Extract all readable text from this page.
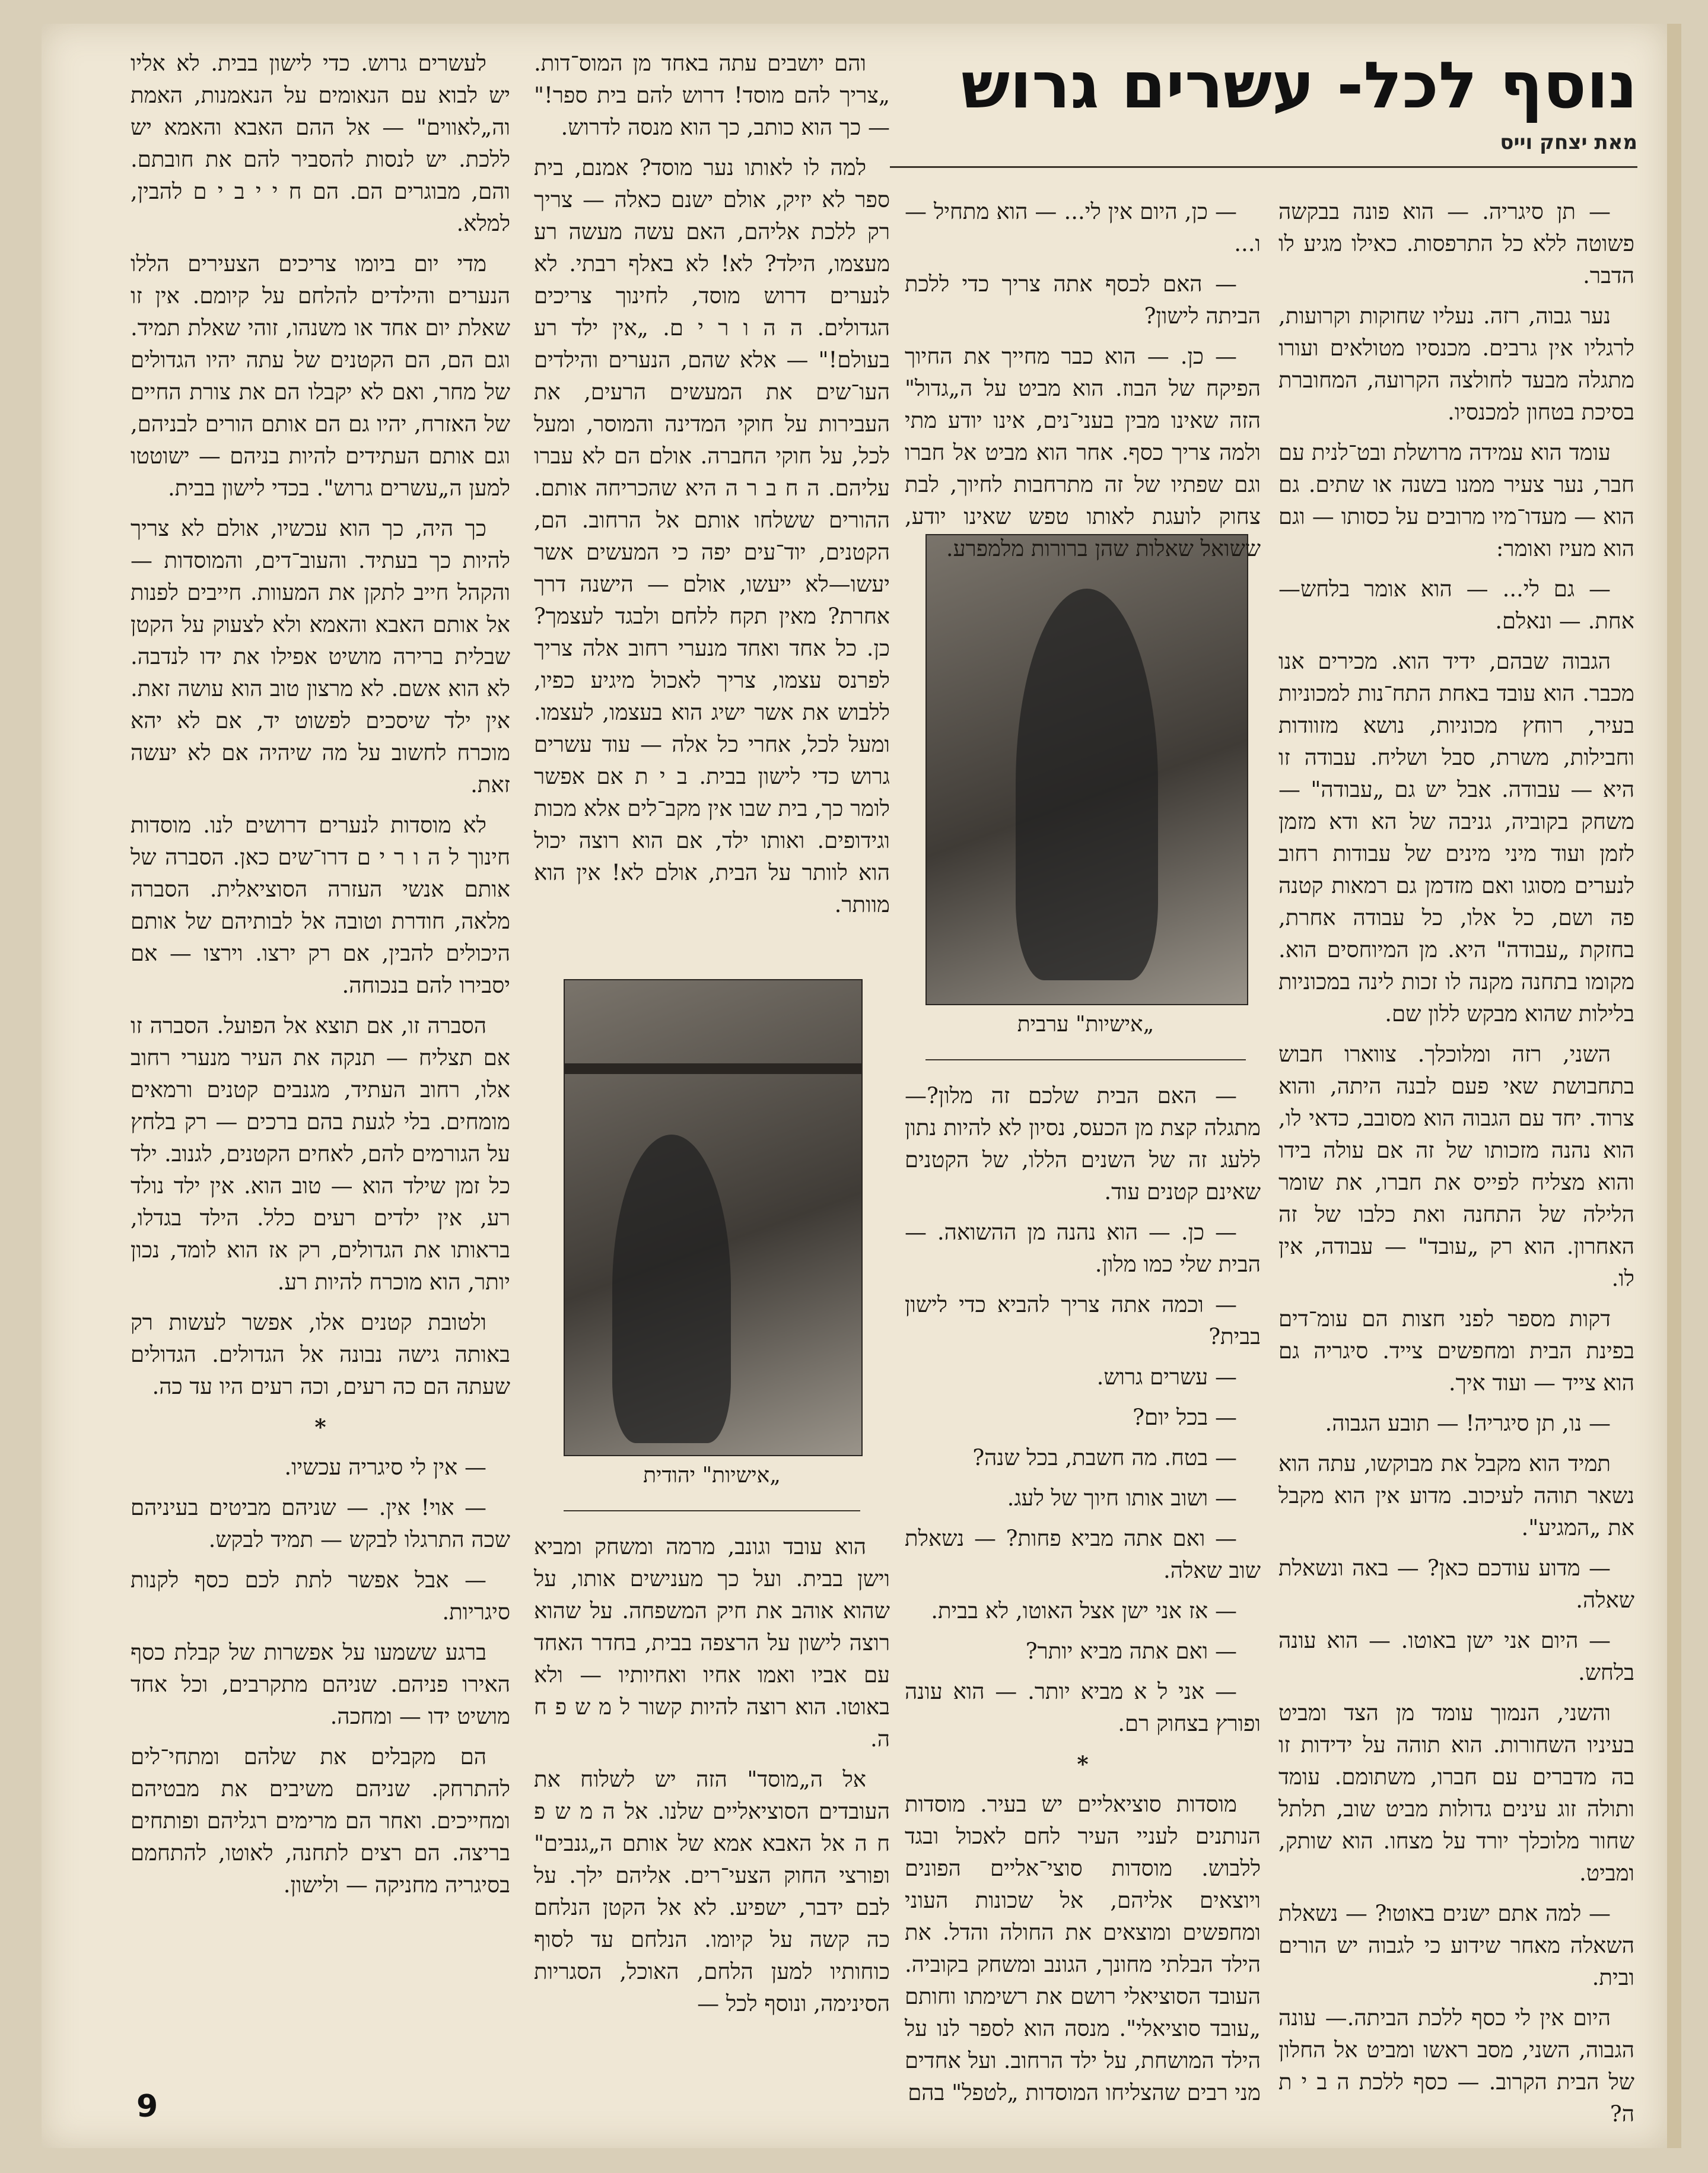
נוסף לכל- עשרים גרוש
מאת יצחק וייס
„אישיות" ערבית
„אישיות" יהודית

— תן סיגריה. — הוא פונה בבקשה פשוטה ללא כל התרפסות. כאילו מגיע לו הדבר.

נער גבוה, רזה. נעליו שחוקות וקרועות, לרגליו אין גרבים. מכנסיו מטולאים ועורו מתגלה מבעד לחולצה הקרועה, המחוברת בסיכת בטחון למכנסיו.

עומד הוא עמידה מרושלת ובט־לנית עם חבר, נער צעיר ממנו בשנה או שתים. גם הוא — מעדו־מיו מרובים על כסותו — וגם הוא מעיז ואומר:

— גם לי... — הוא אומר בלחש— אחת. — ונאלם.

הגבוה שבהם, ידיד הוא. מכירים אנו מכבר. הוא עובד באחת התח־נות למכוניות בעיר, רוחץ מכוניות, נושא מזוודות וחבילות, משרת, סבל ושליח. עבודה זו היא — עבודה. אבל יש גם „עבודה" — משחק בקוביה, גניבה של הא ודא מזמן לזמן ועוד מיני מינים של עבודות רחוב לנערים מסוגו ואם מזדמן גם רמאות קטנה פה ושם, כל אלו, כל עבודה אחרת, בחזקת „עבודה" היא. מן המיוחסים הוא. מקומו בתחנה מקנה לו זכות לינה במכוניות בלילות שהוא מבקש ללון שם.

השני, רזה ומלוכלך. צווארו חבוש בתחבושת שאי פעם לבנה היתה, והוא צרוד. יחד עם הגבוה הוא מסובב, כדאי לו, הוא נהנה מזכותו של זה אם עולה בידו והוא מצליח לפייס את חברו, את שומר הלילה של התחנה ואת כלבו של זה האחרון. הוא רק „עובד" — עבודה, אין לו.

דקות מספר לפני חצות הם עומ־דים בפינת הבית ומחפשים צייד. סיגריה גם הוא צייד — ועוד איך.

— נו, תן סיגריה! — תובע הגבוה.

תמיד הוא מקבל את מבוקשו, עתה הוא נשאר תוהה לעיכוב. מדוע אין הוא מקבל את „המגיע".

— מדוע עודכם כאן? — באה ונשאלת שאלה.

— היום אני ישן באוטו. — הוא עונה בלחש.

והשני, הנמוך עומד מן הצד ומביט בעיניו השחורות. הוא תוהה על ידידות זו בה מדברים עם חברו, משתומם. עומד ותולה זוג עינים גדולות מביט שוב, תלתל שחור מלוכלך יורד על מצחו. הוא שותק, ומביט.

— למה אתם ישנים באוטו? — נשאלת השאלה מאחר שידוע כי לגבוה יש הורים ובית.

היום אין לי כסף ללכת הביתה.— עונה הגבוה, השני, מסב ראשו ומביט אל החלון של הבית הקרוב. — כסף ללכת ה ב י ת ה?

— כן, היום אין לי... — הוא מתחיל — ו...

— האם לכסף אתה צריך כדי ללכת הביתה לישון?

— כן. — הוא כבר מחייך את החיוך הפיקח של הבוז. הוא מביט על ה„גדול" הזה שאינו מבין בעני־נים, אינו יודע מתי ולמה צריך כסף. אחר הוא מביט אל חברו וגם שפתיו של זה מתרחבות לחיוך, לבת צחוק לועגת לאותו טפש שאינו יודע, ששואל שאלות שהן ברורות מלמפרע.

— האם הבית שלכם זה מלון?— מתגלה קצת מן הכעס, נסיון לא להיות נתון ללעג זה של השנים הללו, של הקטנים שאינם קטנים עוד.

— כן. — הוא נהנה מן ההשואה. — הבית שלי כמו מלון.

— וכמה אתה צריך להביא כדי לישון בבית?

— עשרים גרוש.

— בכל יום?

— בטח. מה חשבת, בכל שנה?

— ושוב אותו חיוך של לעג.

— ואם אתה מביא פחות? — נשאלת שוב שאלה.

— אז אני ישן אצל האוטו, לא בבית.

— ואם אתה מביא יותר?

— אני ל א מביא יותר. — הוא עונה ופורץ בצחוק רם.

*

מוסדות סוציאליים יש בעיר. מוסדות הנותנים לעניי העיר לחם לאכול ובגד ללבוש. מוסדות סוצי־אליים הפונים ויוצאים אליהם, אל שכונות העוני ומחפשים ומוצאים את החולה והדל. את הילד הבלתי מחונך, הגונב ומשחק בקוביה. העובד הסוציאלי רושם את רשימתו וחותם „עובד סוציאלי". מנסה הוא לספר לנו על הילד המושחת, על ילד הרחוב. ועל אחדים מני רבים שהצליחו המוסדות „לטפל" בהם

והם יושבים עתה באחד מן המוס־דות. „צריך להם מוסד! דרוש להם בית ספר!" — כך הוא כותב, כך הוא מנסה לדרוש.

למה לו לאותו נער מוסד? אמנם, בית ספר לא יזיק, אולם ישנם כאלה — צריך רק ללכת אליהם, האם עשה מעשה רע מעצמו, הילד? לא! לא באלף רבתי. לא לנערים דרוש מוסד, לחינוך צריכים הגדולים. ה ה ו ר י ם. „אין ילד רע בעולם!" — אלא שהם, הנערים והילדים העו־שים את המעשים הרעים, את העבירות על חוקי המדינה והמוסר, ומעל לכל, על חוקי החברה. אולם הם לא עברו עליהם. ה ח ב ר ה היא שהכריחה אותם. ההורים ששלחו אותם אל הרחוב. הם, הקטנים, יוד־עים יפה כי המעשים אשר יעשו—לא ייעשו, אולם — הישנה דרך אחרת? מאין תקח ללחם ולבגד לעצמך? כן. כל אחד ואחד מנערי רחוב אלה צריך לפרנס עצמו, צריך לאכול מיגיע כפיו, ללבוש את אשר ישיג הוא בעצמו, לעצמו. ומעל לכל, אחרי כל אלה — עוד עשרים גרוש כדי לישון בבית. ב י ת אם אפשר לומר כך, בית שבו אין מקב־לים אלא מכות וגידופים. ואותו ילד, אם הוא רוצה יכול הוא לוותר על הבית, אולם לא! אין הוא מוותר.

הוא עובד וגונב, מרמה ומשחק ומביא וישן בבית. ועל כך מענישים אותו, על שהוא אוהב את חיק המשפחה. על שהוא רוצה לישון על הרצפה בבית, בחדר האחד עם אביו ואמו אחיו ואחיותיו — ולא באוטו. הוא רוצה להיות קשור ל מ ש פ ח ה.

אל ה„מוסד" הזה יש לשלוח את העובדים הסוציאליים שלנו. אל ה מ ש פ ח ה אל האבא אמא של אותם ה„גנבים" ופורצי החוק הצעי־רים. אליהם ילך. על לבם ידבר, ישפיע. לא אל הקטן הנלחם כה קשה על קיומו. הנלחם עד לסוף כוחותיו למען הלחם, האוכל, הסגריות הסינימה, ונוסף לכל —

לעשרים גרוש. כדי לישון בבית. לא אליו יש לבוא עם הנאומים על הנאמנות, האמת וה„לאווים" — אל ההם האבא והאמא יש ללכת. יש לנסות להסביר להם את חובתם. והם, מבוגרים הם. הם ח י י ב י ם להבין, למלא.

מדי יום ביומו צריכים הצעירים הללו הנערים והילדים להלחם על קיומם. אין זו שאלת יום אחד או משנהו, זוהי שאלת תמיד. וגם הם, הם הקטנים של עתה יהיו הגדולים של מחר, ואם לא יקבלו הם את צורת החיים של האזרח, יהיו גם הם אותם הורים לבניהם, וגם אותם העתידים להיות בניהם — ישוטטו למען ה„עשרים גרוש". בכדי לישון בבית.

כך היה, כך הוא עכשיו, אולם לא צריך להיות כך בעתיד. והעוב־דים, והמוסדות — והקהל חייב לתקן את המעוות. חייבים לפנות אל אותם האבא והאמא ולא לצעוק על הקטן שבלית ברירה מושיט אפילו את ידו לנדבה. לא הוא אשם. לא מרצון טוב הוא עושה זאת. אין ילד שיסכים לפשוט יד, אם לא יהא מוכרח לחשוב על מה שיהיה אם לא יעשה זאת.

לא מוסדות לנערים דרושים לנו. מוסדות חינוך ל ה ו ר י ם דרו־שים כאן. הסברה של אותם אנשי העזרה הסוציאלית. הסברה מלאה, חודרת וטובה אל לבותיהם של אותם היכולים להבין, אם רק ירצו. וירצו — אם יסבירו להם בנכוחה.

הסברה זו, אם תוצא אל הפועל. הסברה זו אם תצליח — תנקה את העיר מנערי רחוב אלו, רחוב העתיד, מגנבים קטנים ורמאים מומחים. בלי לגעת בהם ברכים — רק בלחץ על הגורמים להם, לאחים הקטנים, לגנוב. ילד כל זמן שילד הוא — טוב הוא. אין ילד נולד רע, אין ילדים רעים כלל. הילד בגדלו, בראותו את הגדולים, רק אז הוא לומד, נכון יותר, הוא מוכרח להיות רע.

ולטובת קטנים אלו, אפשר לעשות רק באותה גישה נבונה אל הגדולים. הגדולים שעתה הם כה רעים, וכה רעים היו עד כה.

*

— אין לי סיגריה עכשיו.

— אוי! אין. — שניהם מביטים בעיניהם שכה התרגלו לבקש — תמיד לבקש.

— אבל אפשר לתת לכם כסף לקנות סיגריות.

ברגע ששמעו על אפשרות של קבלת כסף האירו פניהם. שניהם מתקרבים, וכל אחד מושיט ידו — ומחכה.

הם מקבלים את שלהם ומתחי־לים להתרחק. שניהם משיבים את מבטיהם ומחייכים. ואחר הם מרימים רגליהם ופותחים בריצה. הם רצים לתחנה, לאוטו, להתחמם בסיגריה מחניקה — ולישון.

9
